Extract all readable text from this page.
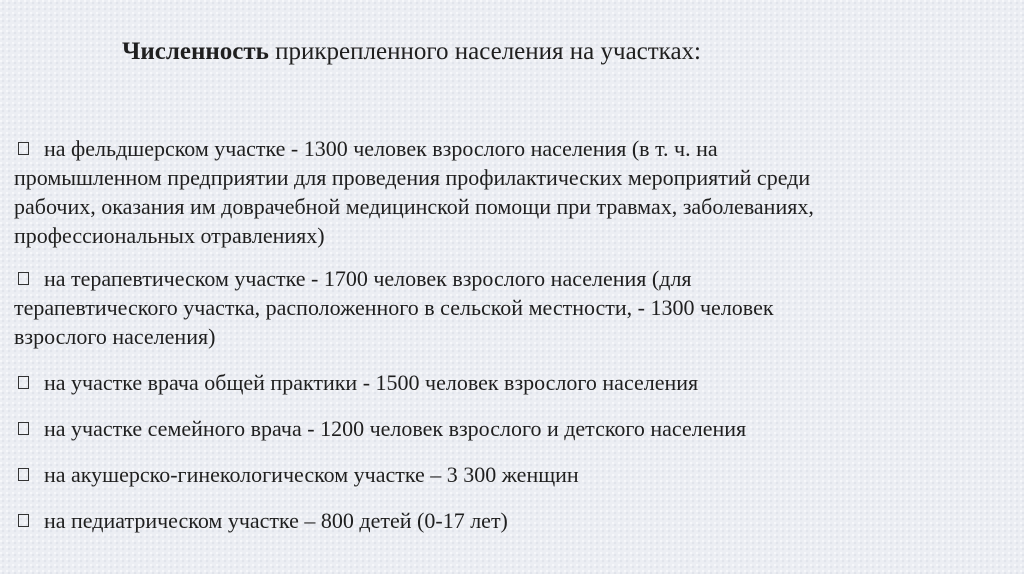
Численность прикрепленного населения на участках:
на фельдшерском участке - 1300 человек взрослого населения (в т. ч. на
промышленном предприятии для проведения профилактических мероприятий среди
рабочих, оказания им доврачебной медицинской помощи при травмах, заболеваниях,
профессиональных отравлениях)
на терапевтическом участке - 1700 человек взрослого населения (для
терапевтического участка, расположенного в сельской местности, - 1300 человек
взрослого населения)
на участке врача общей практики - 1500 человек взрослого населения
на участке семейного врача - 1200 человек взрослого и детского населения
на акушерско-гинекологическом участке – 3 300 женщин
на педиатрическом участке – 800 детей (0-17 лет)
